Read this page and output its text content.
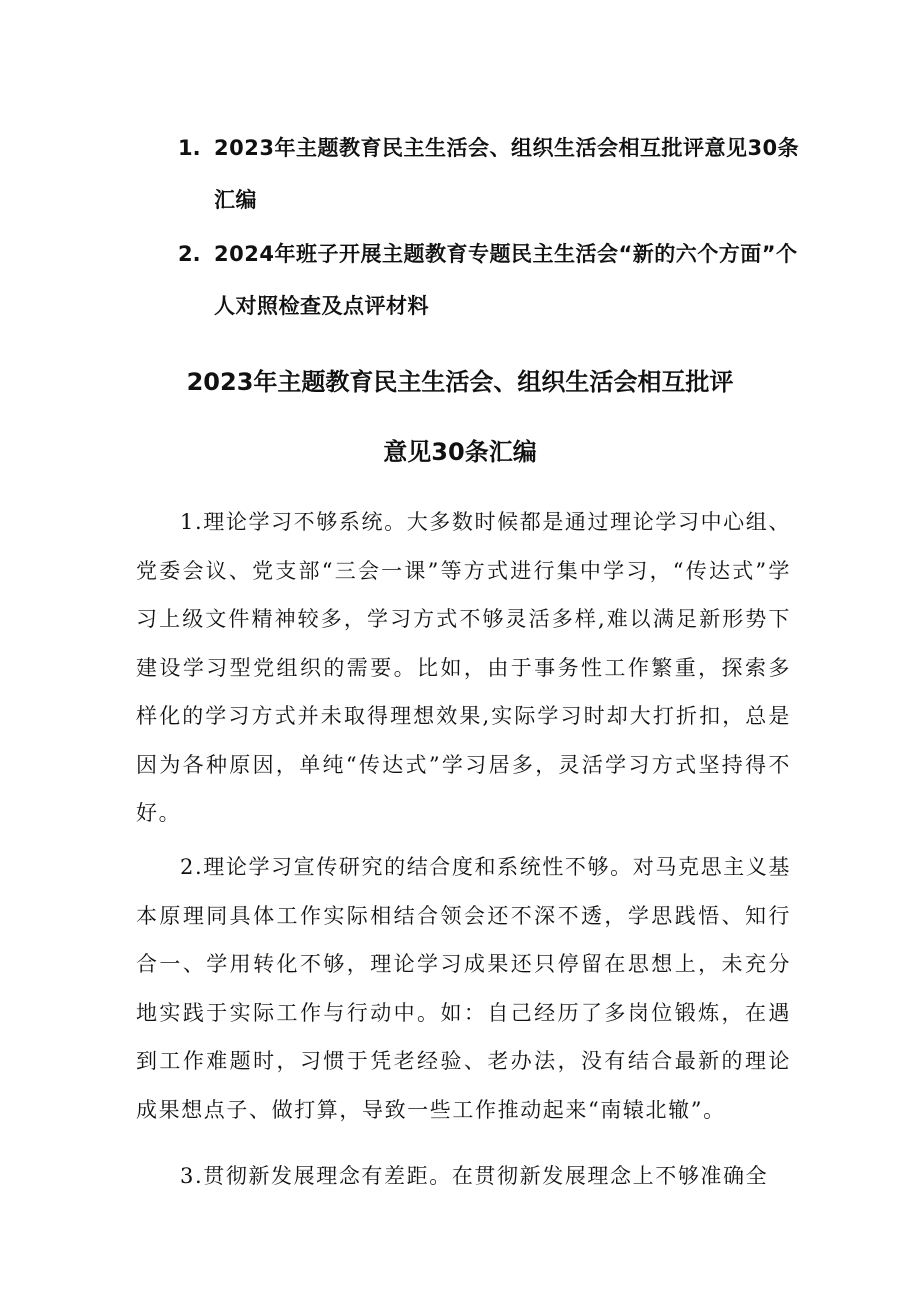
1. 2023年主题教育民主生活会、组织生活会相互批评意见30条汇编
2. 2024年班子开展主题教育专题民主生活会“新的六个方面”个人对照检查及点评材料
2023年主题教育民主生活会、组织生活会相互批评
意见30条汇编

1.理论学习不够系统。大多数时候都是通过理论学习中心组、党委会议、党支部“三会一课”等方式进行集中学习，“传达式”学习上级文件精神较多，学习方式不够灵活多样,难以满足新形势下建设学习型党组织的需要。比如，由于事务性工作繁重，探索多样化的学习方式并未取得理想效果,实际学习时却大打折扣，总是因为各种原因，单纯“传达式”学习居多，灵活学习方式坚持得不好。

2.理论学习宣传研究的结合度和系统性不够。对马克思主义基本原理同具体工作实际相结合领会还不深不透，学思践悟、知行合一、学用转化不够，理论学习成果还只停留在思想上，未充分地实践于实际工作与行动中。如：自己经历了多岗位锻炼，在遇到工作难题时，习惯于凭老经验、老办法，没有结合最新的理论成果想点子、做打算，导致一些工作推动起来“南辕北辙”。

3.贯彻新发展理念有差距。在贯彻新发展理念上不够准确全
